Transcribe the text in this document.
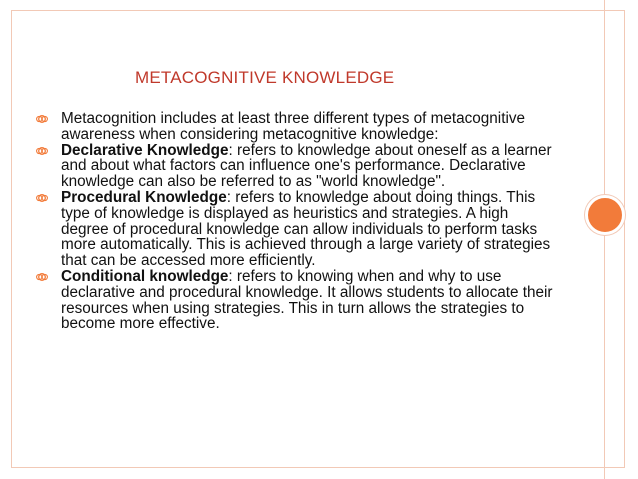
METACOGNITIVE KNOWLEDGE
Metacognition includes at least three different types of metacognitive awareness when considering metacognitive knowledge:
Declarative Knowledge: refers to knowledge about oneself as a learner and about what factors can influence one's performance. Declarative knowledge can also be referred to as "world knowledge".
Procedural Knowledge: refers to knowledge about doing things. This type of knowledge is displayed as heuristics and strategies. A high degree of procedural knowledge can allow individuals to perform tasks more automatically. This is achieved through a large variety of strategies that can be accessed more efficiently.
Conditional knowledge: refers to knowing when and why to use declarative and procedural knowledge. It allows students to allocate their resources when using strategies. This in turn allows the strategies to become more effective.
